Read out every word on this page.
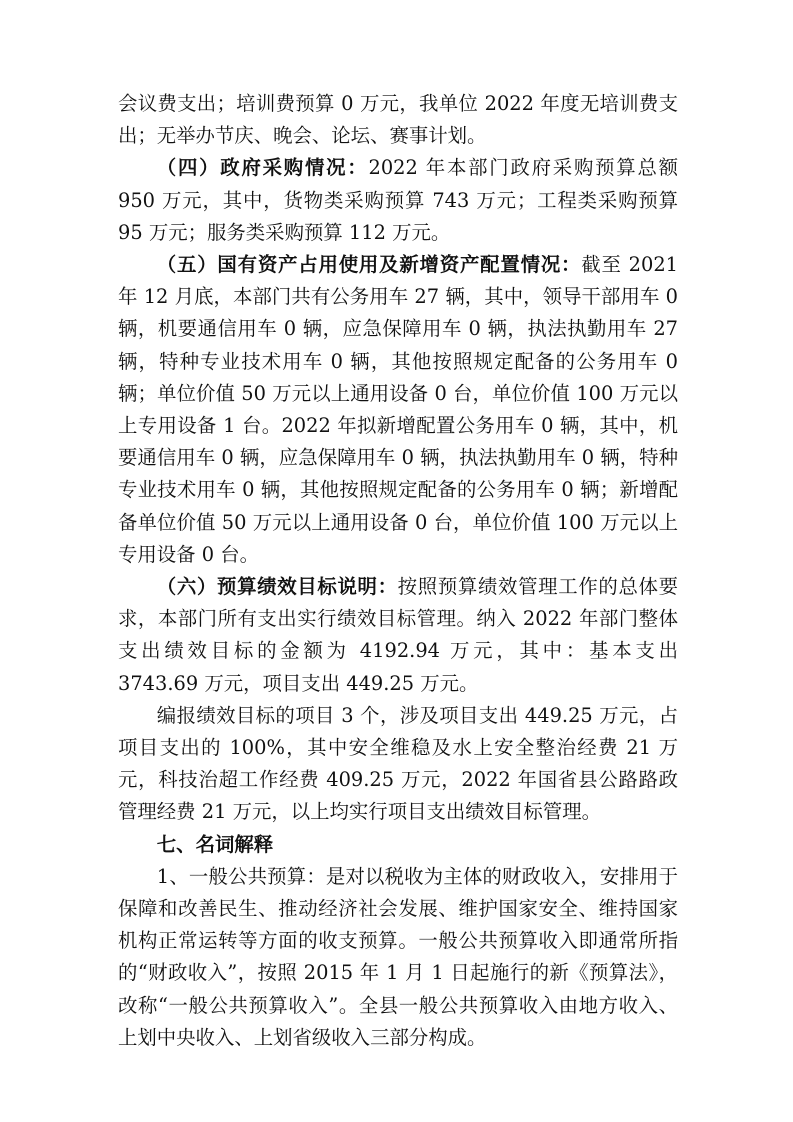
会议费支出；培训费预算 0 万元，我单位 2022 年度无培训费支出；无举办节庆、晚会、论坛、赛事计划。

（四）政府采购情况：2022 年本部门政府采购预算总额 950 万元，其中，货物类采购预算 743 万元；工程类采购预算 95 万元；服务类采购预算 112 万元。

（五）国有资产占用使用及新增资产配置情况：截至 2021 年 12 月底，本部门共有公务用车 27 辆，其中，领导干部用车 0 辆，机要通信用车 0 辆，应急保障用车 0 辆，执法执勤用车 27 辆，特种专业技术用车 0 辆，其他按照规定配备的公务用车 0 辆；单位价值 50 万元以上通用设备 0 台，单位价值 100 万元以上专用设备 1 台。2022 年拟新增配置公务用车 0 辆，其中，机要通信用车 0 辆，应急保障用车 0 辆，执法执勤用车 0 辆，特种专业技术用车 0 辆，其他按照规定配备的公务用车 0 辆；新增配备单位价值 50 万元以上通用设备 0 台，单位价值 100 万元以上专用设备 0 台。

（六）预算绩效目标说明：按照预算绩效管理工作的总体要求，本部门所有支出实行绩效目标管理。纳入 2022 年部门整体支出绩效目标的金额为 4192.94 万元，其中：基本支出 3743.69 万元，项目支出 449.25 万元。

编报绩效目标的项目 3 个，涉及项目支出 449.25 万元，占项目支出的 100%，其中安全维稳及水上安全整治经费 21 万元，科技治超工作经费 409.25 万元，2022 年国省县公路路政管理经费 21 万元，以上均实行项目支出绩效目标管理。

七、名词解释

1、一般公共预算：是对以税收为主体的财政收入，安排用于保障和改善民生、推动经济社会发展、维护国家安全、维持国家机构正常运转等方面的收支预算。一般公共预算收入即通常所指的“财政收入”，按照 2015 年 1 月 1 日起施行的新《预算法》，改称“一般公共预算收入”。全县一般公共预算收入由地方收入、上划中央收入、上划省级收入三部分构成。
